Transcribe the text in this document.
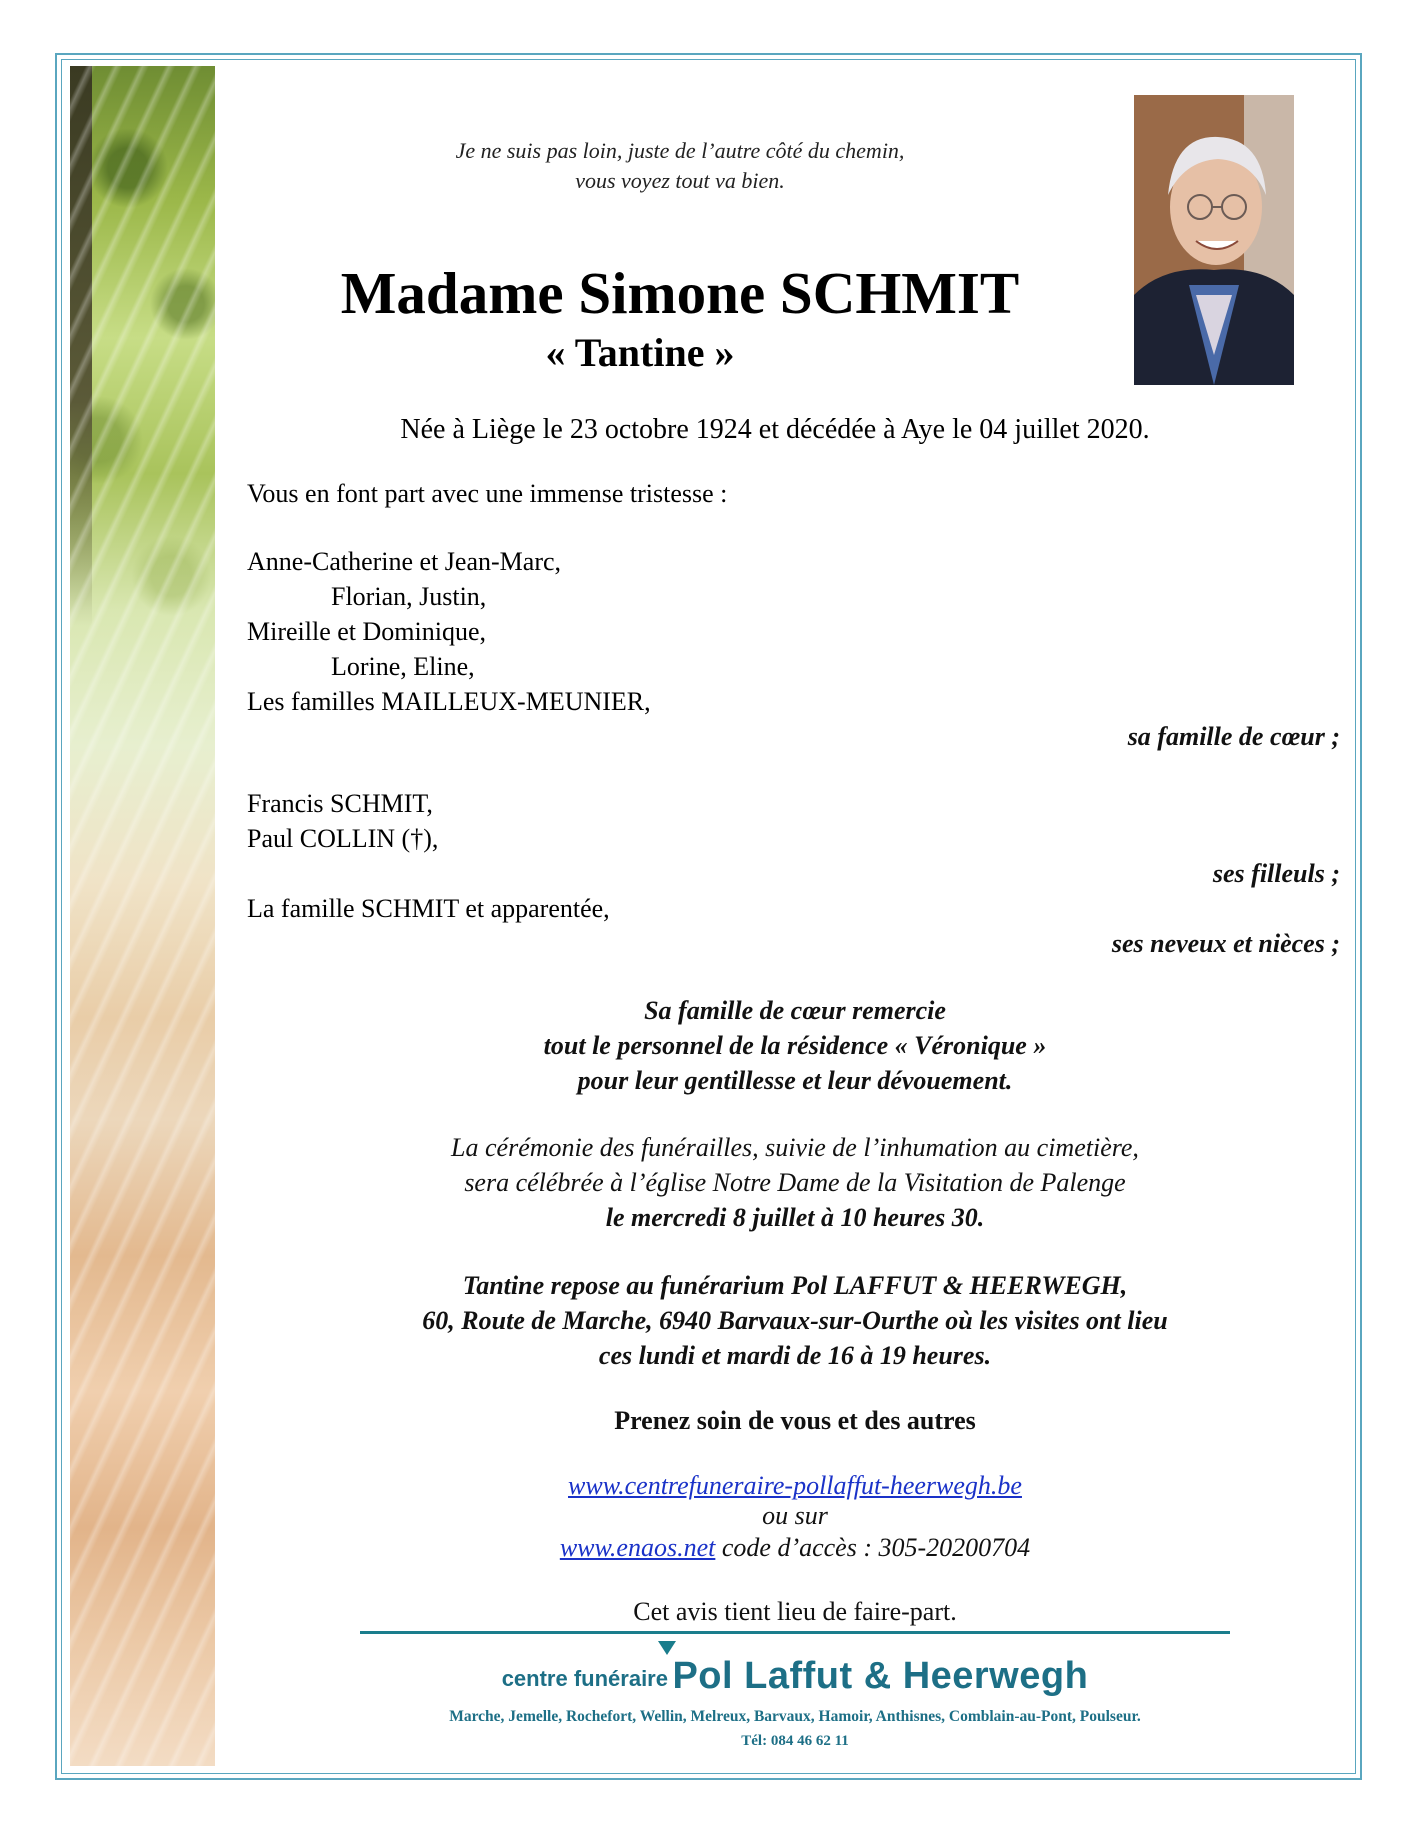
Je ne suis pas loin, juste de l’autre côté du chemin,
vous voyez tout va bien.
Madame Simone SCHMIT
« Tantine »
Née à Liège le 23 octobre 1924 et décédée à Aye le 04 juillet 2020.
Vous en font part avec une immense tristesse :
Anne-Catherine et Jean-Marc,
Florian, Justin,
Mireille et Dominique,
Lorine, Eline,
Les familles MAILLEUX-MEUNIER,
sa famille de cœur ;
Francis SCHMIT,
Paul COLLIN (†),
ses filleuls ;
La famille SCHMIT et apparentée,
ses neveux et nièces ;
Sa famille de cœur remercie
tout le personnel de la résidence « Véronique »
pour leur gentillesse et leur dévouement.
La cérémonie des funérailles, suivie de l’inhumation au cimetière,
sera célébrée à l’église Notre Dame de la Visitation de Palenge
le mercredi 8 juillet à 10 heures 30.
Tantine repose au funérarium Pol LAFFUT & HEERWEGH,
60, Route de Marche, 6940 Barvaux-sur-Ourthe où les visites ont lieu
ces lundi et mardi de 16 à 19 heures.
Prenez soin de vous et des autres
www.centrefuneraire-pollaffut-heerwegh.be
ou sur
www.enaos.net code d’accès : 305-20200704
Cet avis tient lieu de faire-part.
centre funéraire Pol Laffut & Heerwegh
Marche, Jemelle, Rochefort, Wellin, Melreux, Barvaux, Hamoir, Anthisnes, Comblain-au-Pont, Poulseur.
Tél: 084 46 62 11
